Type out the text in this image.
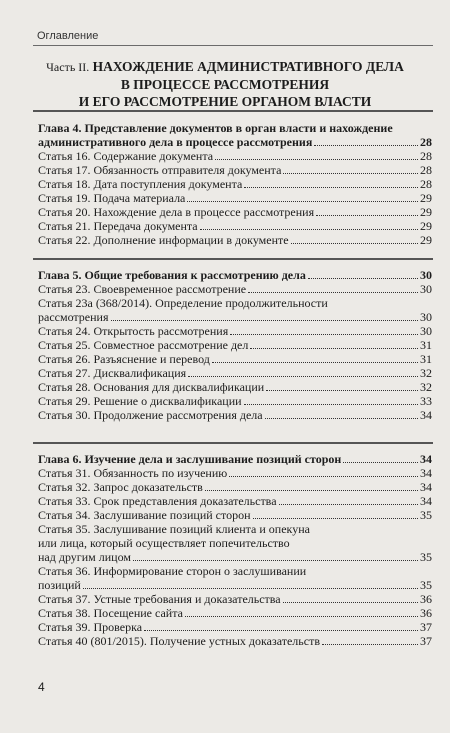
Оглавление
Часть II. НАХОЖДЕНИЕ АДМИНИСТРАТИВНОГО ДЕЛА
В ПРОЦЕССЕ РАССМОТРЕНИЯ
И ЕГО РАССМОТРЕНИЕ ОРГАНОМ ВЛАСТИ
Глава 4. Представление документов в орган власти и нахождение
административного дела в процессе рассмотрения	28
Статья 16. Содержание документа	28
Статья 17. Обязанность отправителя документа	28
Статья 18. Дата поступления документа	28
Статья 19. Подача материала	29
Статья 20. Нахождение дела в процессе рассмотрения	29
Статья 21. Передача документа	29
Статья 22. Дополнение информации в документе	29
Глава 5. Общие требования к рассмотрению дела	30
Статья 23. Своевременное рассмотрение	30
Статья 23а (368/2014). Определение продолжительности
рассмотрения	30
Статья 24. Открытость рассмотрения	30
Статья 25. Совместное рассмотрение дел	31
Статья 26. Разъяснение и перевод	31
Статья 27. Дисквалификация	32
Статья 28. Основания для дисквалификации	32
Статья 29. Решение о дисквалификации	33
Статья 30. Продолжение рассмотрения дела	34
Глава 6. Изучение дела и заслушивание позиций сторон	34
Статья 31. Обязанность по изучению	34
Статья 32. Запрос доказательств	34
Статья 33. Срок представления доказательства	34
Статья 34. Заслушивание позиций сторон	35
Статья 35. Заслушивание позиций клиента и опекуна
или лица, который осуществляет попечительство
над другим лицом	35
Статья 36. Информирование сторон о заслушивании
позиций	35
Статья 37. Устные требования и доказательства	36
Статья 38. Посещение сайта	36
Статья 39. Проверка	37
Статья 40 (801/2015). Получение устных доказательств	37
4
